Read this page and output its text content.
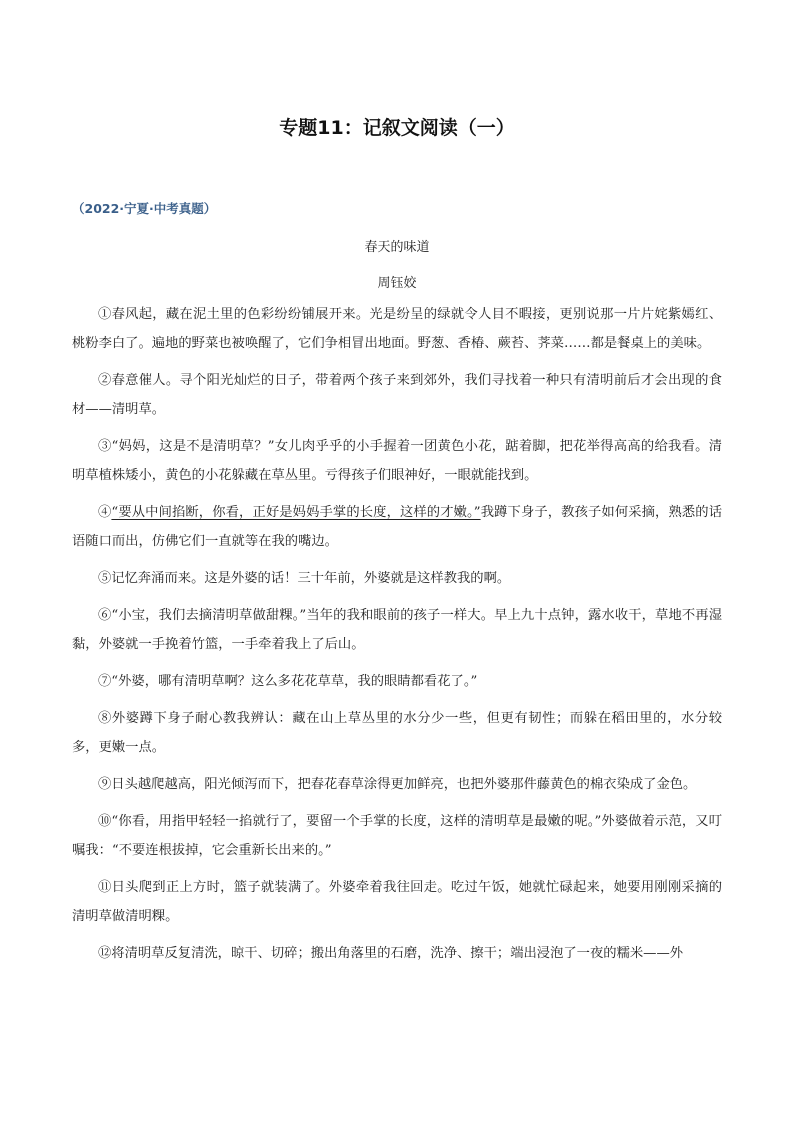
专题11：记叙文阅读（一）
（2022·宁夏·中考真题）
春天的味道
周钰姣

①春风起，藏在泥土里的色彩纷纷铺展开来。光是纷呈的绿就令人目不暇接，更别说那一片片姹紫嫣红、桃粉李白了。遍地的野菜也被唤醒了，它们争相冒出地面。野葱、香椿、蕨苔、荠菜……都是餐桌上的美味。

②春意催人。寻个阳光灿烂的日子，带着两个孩子来到郊外，我们寻找着一种只有清明前后才会出现的食材——清明草。

③“妈妈，这是不是清明草？”女儿肉乎乎的小手握着一团黄色小花，踮着脚，把花举得高高的给我看。清明草植株矮小，黄色的小花躲藏在草丛里。亏得孩子们眼神好，一眼就能找到。

④“要从中间掐断，你看，正好是妈妈手掌的长度，这样的才嫩。”我蹲下身子，教孩子如何采摘，熟悉的话语随口而出，仿佛它们一直就等在我的嘴边。

⑤记忆奔涌而来。这是外婆的话！三十年前，外婆就是这样教我的啊。

⑥“小宝，我们去摘清明草做甜粿。”当年的我和眼前的孩子一样大。早上九十点钟，露水收干，草地不再湿黏，外婆就一手挽着竹篮，一手牵着我上了后山。

⑦“外婆，哪有清明草啊？这么多花花草草，我的眼睛都看花了。”

⑧外婆蹲下身子耐心教我辨认：藏在山上草丛里的水分少一些，但更有韧性；而躲在稻田里的，水分较多，更嫩一点。

⑨日头越爬越高，阳光倾泻而下，把春花春草涂得更加鲜亮，也把外婆那件藤黄色的棉衣染成了金色。

⑩“你看，用指甲轻轻一掐就行了，要留一个手掌的长度，这样的清明草是最嫩的呢。”外婆做着示范，又叮嘱我：“不要连根拔掉，它会重新长出来的。”

⑪日头爬到正上方时，篮子就装满了。外婆牵着我往回走。吃过午饭，她就忙碌起来，她要用刚刚采摘的清明草做清明粿。

⑫将清明草反复清洗，晾干、切碎；搬出角落里的石磨，洗净、擦干；端出浸泡了一夜的糯米——外
